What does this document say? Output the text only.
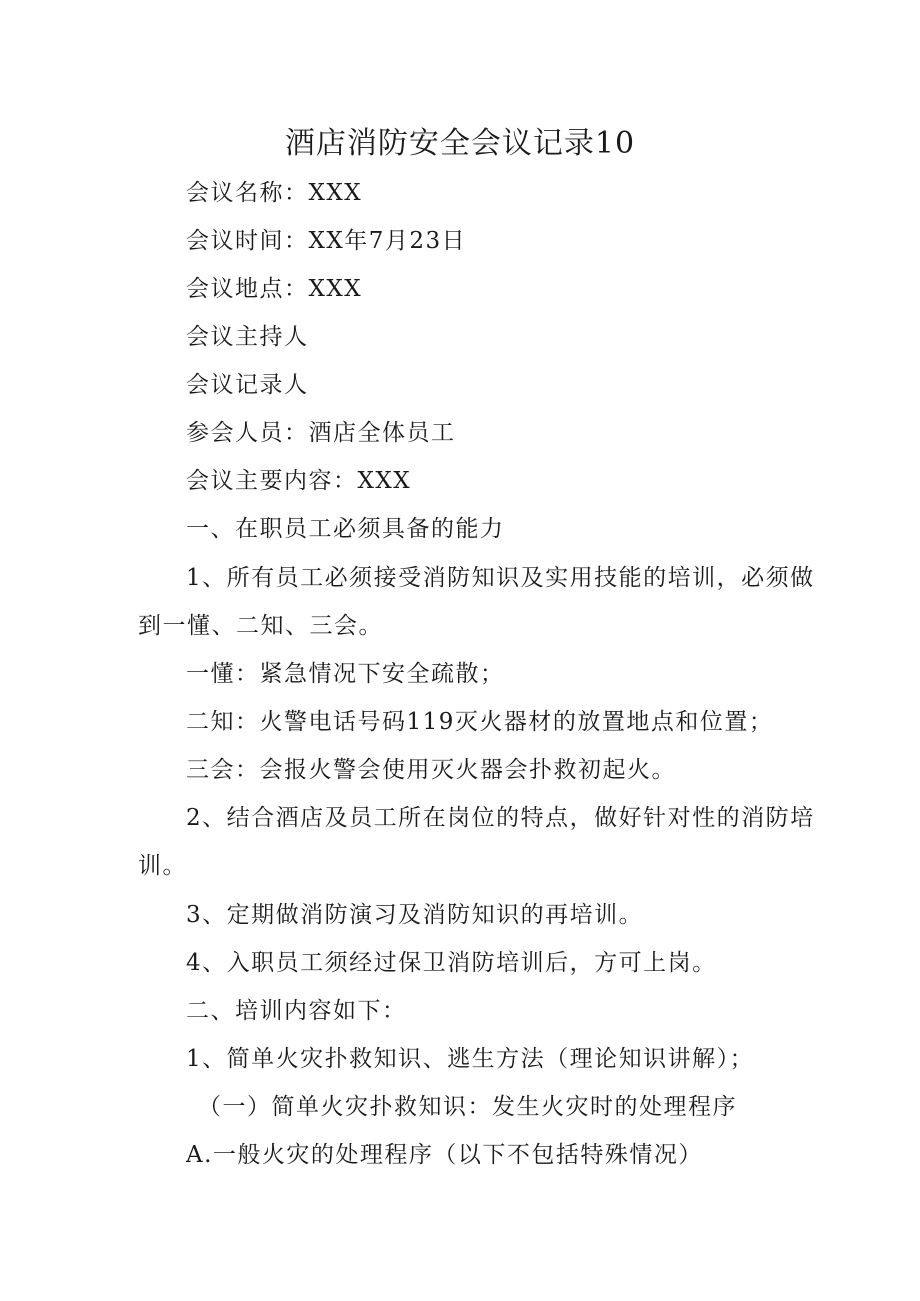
酒店消防安全会议记录10
会议名称：XXX
会议时间：XX年7月23日
会议地点：XXX
会议主持人
会议记录人
参会人员：酒店全体员工
会议主要内容：XXX
一、在职员工必须具备的能力
1、所有员工必须接受消防知识及实用技能的培训，必须做
到一懂、二知、三会。
一懂：紧急情况下安全疏散；
二知：火警电话号码119灭火器材的放置地点和位置；
三会：会报火警会使用灭火器会扑救初起火。
2、结合酒店及员工所在岗位的特点，做好针对性的消防培
训。
3、定期做消防演习及消防知识的再培训。
4、入职员工须经过保卫消防培训后，方可上岗。
二、培训内容如下：
1、简单火灾扑救知识、逃生方法（理论知识讲解）；
（一）简单火灾扑救知识：发生火灾时的处理程序
A.一般火灾的处理程序（以下不包括特殊情况）
